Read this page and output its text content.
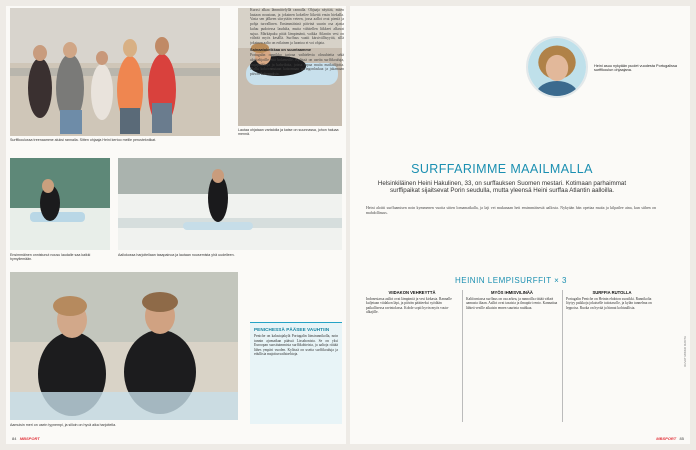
Surffikoulussa treenaamme aluksi rannalla. Sitten ohjaaja Heini kertoo meille perustekniikat.
Lautaa ohjataan vartalolla ja katse on suunnassa, johon haluaa mennä.
Ensimmäinen onnistunut nousu laudalle saa kaikki hymyilemään.
Aallokossa harjoitellaan tasapainoa ja lautaan nousemista yhä uudelleen.
Aamuisin meri on usein tyynempi, ja silloin on hyvä aika harjoitella.
PENICHESSÄ PÄÄSEE VAUHTIIN

Peniche on kalastajakylä Portugalin länsirannikolla, noin tunnin ajomatkan päässä Lissabonista. Se on yksi Euroopan suosituimmista surffikohteista, ja aaltoja riittää lähes ympäri vuoden. Kylässä on useita surffikouluja ja edullisia majoitusvaihtoehtoja.

84 MBSPORT

Kurssi alkaa lämmittelyllä rannalla. Ohjaaja näyttää, miten lautaan noustaan, ja jokainen kokeilee liikettä ensin hiekalla. Vasta sen jälkeen siirrytään veteen, jossa aallot ovat pieniä ja pohja turvallinen. Ensimmäisinä päivinä suurin osa ajasta kuluu pudotessa laudalta, mutta vähitellen liikkeet alkavat sujua. Märkäpuku pitää lämpimänä, vaikka Atlantin vesi on viileää myös kesällä. Surffaus vaatii kärsivällisyyttä, sillä jokainen aalto on erilainen ja luontoa ei voi ohjata.

Sainaatakeikkaa on suuntaamme

Portugalin rannikko tarjoaa vaihtelevia olosuhteita sekä aloittelijoille että kokeneille. Kylässä on useita surffikouluja, majapaikkoja ja kahviloita, joissa tapaa muita matkailijoita. Illalla kokoonnutaan katsomaan auringonlaskua ja jakamaan päivän kokemuksia.

Heini asuu nykyään puolet vuodesta Portugalissa surffikoulun ohjaajana.
SURFFARIMME MAAILMALLA
Helsinkiläinen Heini Hakulinen, 33, on surffauksen Suomen mestari. Kotimaan parhaimmat surffipaikat sijaitsevat Porin seudulla, mutta yleensä Heini surffaa Atlantin aalloilla.
Heini aloitti surffaamisen noin kymmenen vuotta sitten lomamatkalla, ja laji vei mukanaan heti ensimmäisestä aallosta. Nykyään hän opettaa muita ja kilpailee aina, kun siihen on mahdollisuus.
HEININ LEMPISURFFIT × 3
VIIDAKON VEHREYTTÄ

Indonesiassa aallot ovat lämpimiä ja vesi kirkasta. Rannalle kuljetaan viidakon läpi, ja päivän päätteeksi syödään paikallisessa ravintolassa. Kohde sopii hyvin myös vasta-alkajille.

MYÖS IHMISVILINÄÄ

Kaliforniassa surffaus on osa arkea, ja rannoilla riittää väkeä aamusta iltaan. Aallot ovat tasaisia ja ilmapiiri rento. Kannattaa lähteä vesille aikaisin ennen suurinta ruuhkaa.

SURFFIA RUTOLLA

Portugalin Peniche on Heinin ehdoton suosikki. Rannikolta löytyy paikkoja jokaiselle taitotasolle, ja kylän tunnelma on leppoisa. Ruoka on hyvää ja hinnat kohtuullisia.

KUVAT MIKKO RANTA
MBSPORT 85
